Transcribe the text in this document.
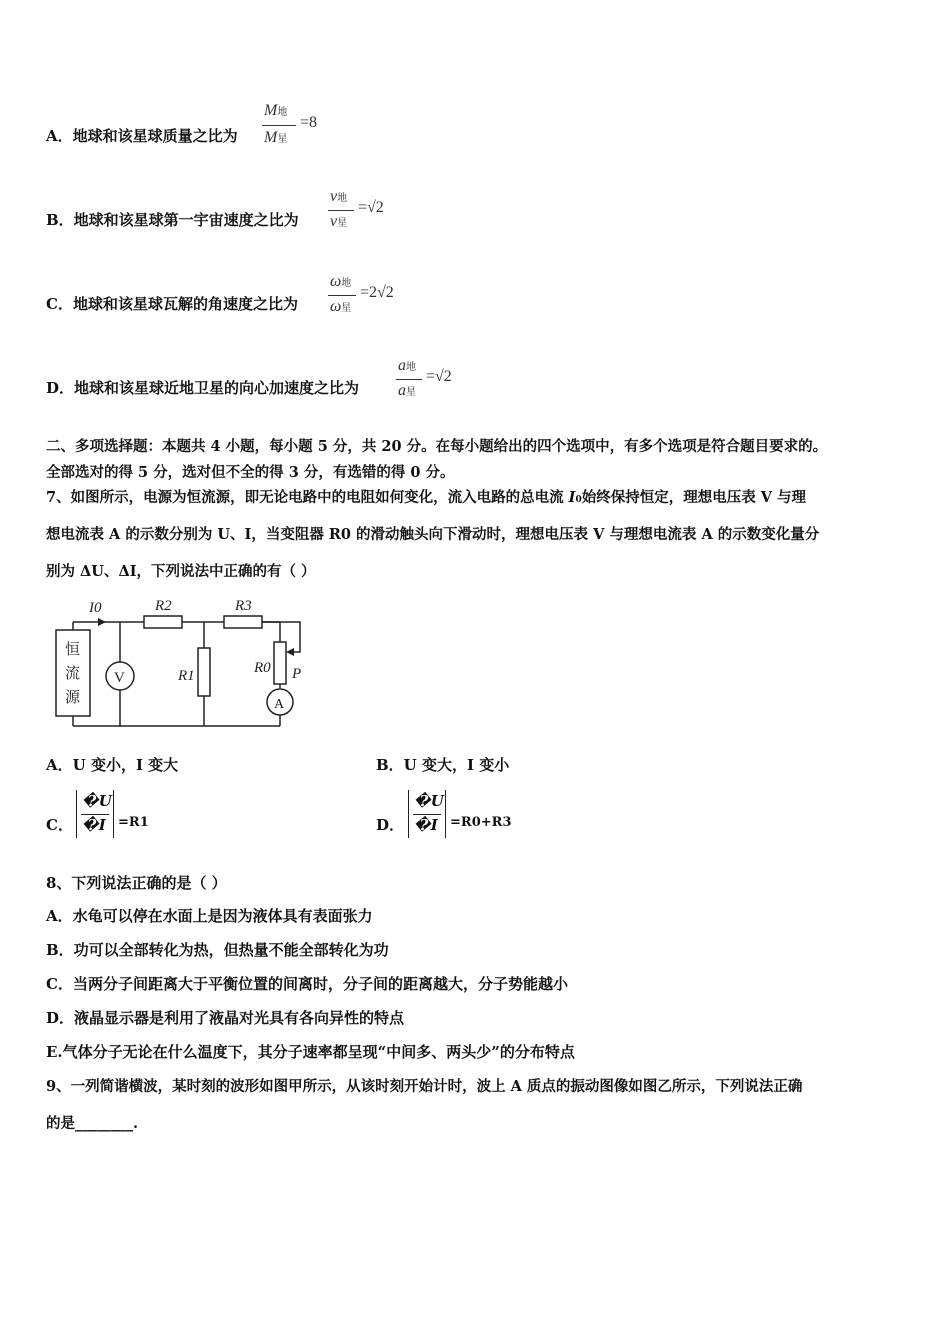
A．地球和该星球质量之比为
M地
M星
=8
B．地球和该星球第一宇宙速度之比为
v地
v星
=√2
C．地球和该星球瓦解的角速度之比为
ω地
ω星
=2√2
D．地球和该星球近地卫星的向心加速度之比为
a地
a星
=√2
二、多项选择题：本题共 4 小题，每小题 5 分，共 20 分。在每小题给出的四个选项中，有多个选项是符合题目要求的。
全部选对的得 5 分，选对但不全的得 3 分，有选错的得 0 分。
7、如图所示，电源为恒流源，即无论电路中的电阻如何变化，流入电路的总电流 I0始终保持恒定，理想电压表 V 与理
想电流表 A 的示数分别为 U、I，当变阻器 R0 的滑动触头向下滑动时，理想电压表 V 与理想电流表 A 的示数变化量分
别为 ΔU、ΔI，下列说法中正确的有（ ）
I0	R2	R3
R1	R0 P
V
A
恒
流
源
A．U 变小，I 变大	B．U 变大，I 变小
C．
�U
�I =R1	D．
�U
�I =R0+R3
8、下列说法正确的是（ ）
A．水龟可以停在水面上是因为液体具有表面张力
B．功可以全部转化为热，但热量不能全部转化为功
C．当两分子间距离大于平衡位置的间离时，分子间的距离越大，分子势能越小
D．液晶显示器是利用了液晶对光具有各向异性的特点
E.气体分子无论在什么温度下，其分子速率都呈现“中间多、两头少”的分布特点
9、一列简谐横波，某时刻的波形如图甲所示，从该时刻开始计时，波上 A 质点的振动图像如图乙所示，下列说法正确
的是________.
